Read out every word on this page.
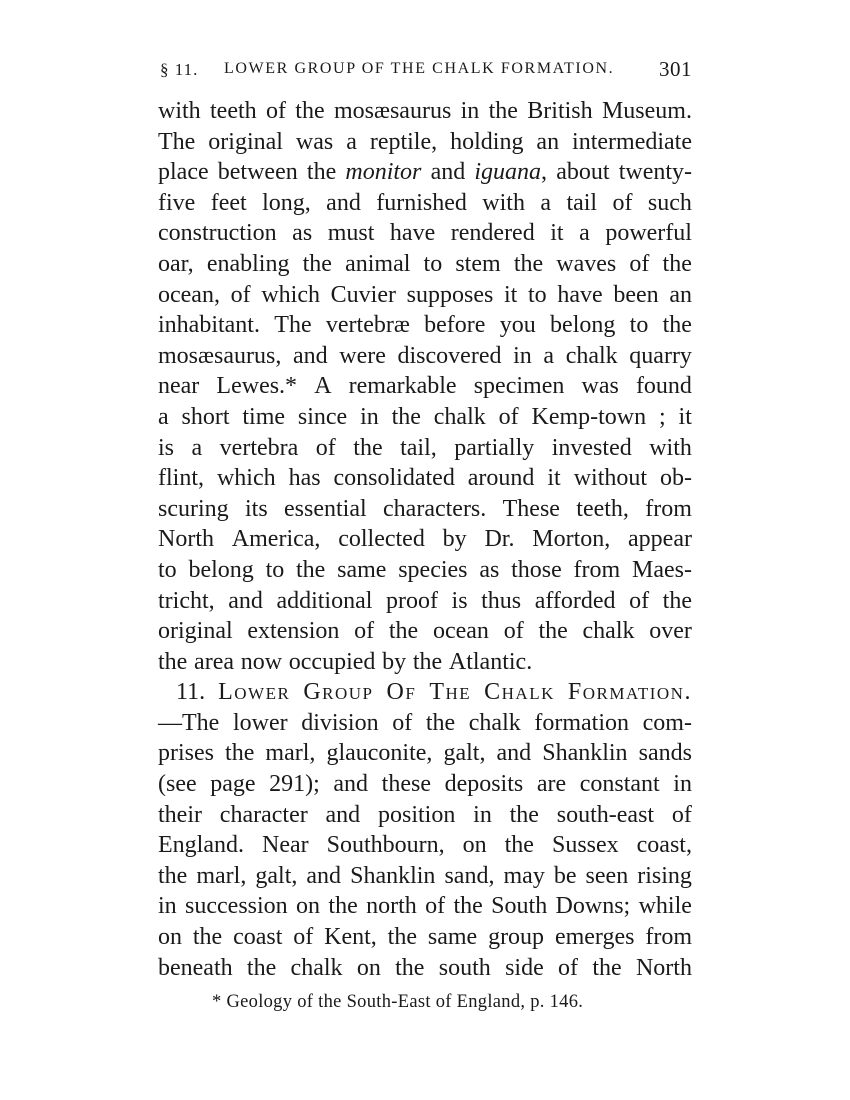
§ 11. LOWER GROUP OF THE CHALK FORMATION. 301
with teeth of the mosæsaurus in the British Museum.
The original was a reptile, holding an intermediate
place between the monitor and iguana, about twenty-
five feet long, and furnished with a tail of such
construction as must have rendered it a powerful
oar, enabling the animal to stem the waves of the
ocean, of which Cuvier supposes it to have been an
inhabitant. The vertebræ before you belong to the
mosæsaurus, and were discovered in a chalk quarry
near Lewes.* A remarkable specimen was found
a short time since in the chalk of Kemp-town ; it
is a vertebra of the tail, partially invested with
flint, which has consolidated around it without ob-
scuring its essential characters. These teeth, from
North America, collected by Dr. Morton, appear
to belong to the same species as those from Maes-
tricht, and additional proof is thus afforded of the
original extension of the ocean of the chalk over
the area now occupied by the Atlantic.
11. Lower Group Of The Chalk Formation.
—The lower division of the chalk formation com-
prises the marl, glauconite, galt, and Shanklin sands
(see page 291); and these deposits are constant in
their character and position in the south-east of
England. Near Southbourn, on the Sussex coast,
the marl, galt, and Shanklin sand, may be seen rising
in succession on the north of the South Downs; while
on the coast of Kent, the same group emerges from
beneath the chalk on the south side of the North
* Geology of the South-East of England, p. 146.
